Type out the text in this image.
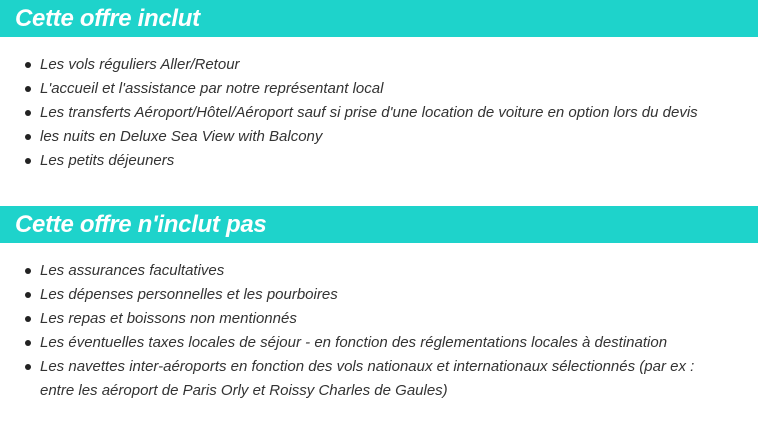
Cette offre inclut
Les vols réguliers Aller/Retour
L'accueil et l'assistance par notre représentant local
Les transferts Aéroport/Hôtel/Aéroport sauf si prise d'une location de voiture en option lors du devis
les nuits en Deluxe Sea View with Balcony
Les petits déjeuners
Cette offre n'inclut pas
Les assurances facultatives
Les dépenses personnelles et les pourboires
Les repas et boissons non mentionnés
Les éventuelles taxes locales de séjour - en fonction des réglementations locales à destination
Les navettes inter-aéroports en fonction des vols nationaux et internationaux sélectionnés (par ex : entre les aéroport de Paris Orly et Roissy Charles de Gaules)
